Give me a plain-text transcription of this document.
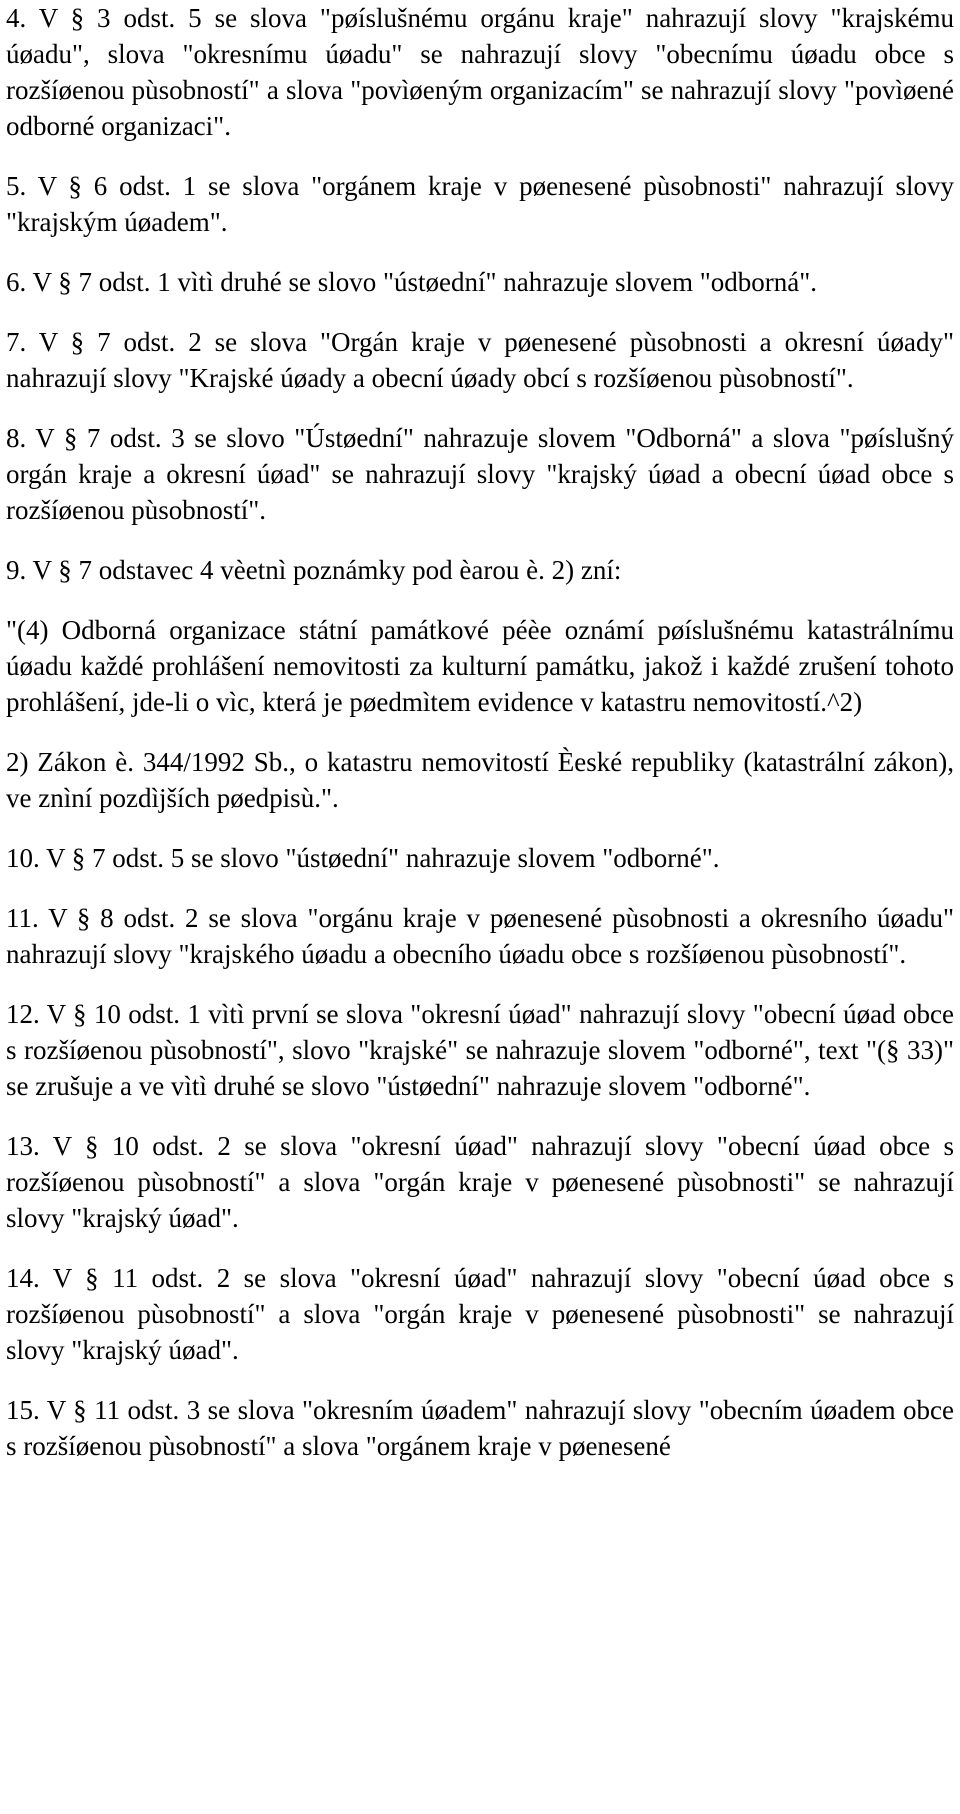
4. V § 3 odst. 5 se slova "pøíslušnému orgánu kraje" nahrazují slovy "krajskému úøadu", slova "okresnímu úøadu" se nahrazují slovy "obecnímu úøadu obce s rozšíøenou pùsobností" a slova "povìøeným organizacím" se nahrazují slovy "povìøené odborné organizaci".

5. V § 6 odst. 1 se slova "orgánem kraje v pøenesené pùsobnosti" nahrazují slovy "krajským úøadem".

6. V § 7 odst. 1 vìtì druhé se slovo "ústøední" nahrazuje slovem "odborná".

7. V § 7 odst. 2 se slova "Orgán kraje v pøenesené pùsobnosti a okresní úøady" nahrazují slovy "Krajské úøady a obecní úøady obcí s rozšíøenou pùsobností".

8. V § 7 odst. 3 se slovo "Ústøední" nahrazuje slovem "Odborná" a slova "pøíslušný orgán kraje a okresní úøad" se nahrazují slovy "krajský úøad a obecní úøad obce s rozšíøenou pùsobností".

9. V § 7 odstavec 4 vèetnì poznámky pod èarou è. 2) zní:

"(4) Odborná organizace státní památkové péèe oznámí pøíslušnému katastrálnímu úøadu každé prohlášení nemovitosti za kulturní památku, jakož i každé zrušení tohoto prohlášení, jde-li o vìc, která je pøedmìtem evidence v katastru nemovitostí.^2)

2) Zákon è. 344/1992 Sb., o katastru nemovitostí Èeské republiky (katastrální zákon), ve znìní pozdìjších pøedpisù.".

10. V § 7 odst. 5 se slovo "ústøední" nahrazuje slovem "odborné".

11. V § 8 odst. 2 se slova "orgánu kraje v pøenesené pùsobnosti a okresního úøadu" nahrazují slovy "krajského úøadu a obecního úøadu obce s rozšíøenou pùsobností".

12. V § 10 odst. 1 vìtì první se slova "okresní úøad" nahrazují slovy "obecní úøad obce s rozšíøenou pùsobností", slovo "krajské" se nahrazuje slovem "odborné", text "(§ 33)" se zrušuje a ve vìtì druhé se slovo "ústøední" nahrazuje slovem "odborné".

13. V § 10 odst. 2 se slova "okresní úøad" nahrazují slovy "obecní úøad obce s rozšíøenou pùsobností" a slova "orgán kraje v pøenesené pùsobnosti" se nahrazují slovy "krajský úøad".

14. V § 11 odst. 2 se slova "okresní úøad" nahrazují slovy "obecní úøad obce s rozšíøenou pùsobností" a slova "orgán kraje v pøenesené pùsobnosti" se nahrazují slovy "krajský úøad".

15. V § 11 odst. 3 se slova "okresním úøadem" nahrazují slovy "obecním úøadem obce s rozšíøenou pùsobností" a slova "orgánem kraje v pøenesené
